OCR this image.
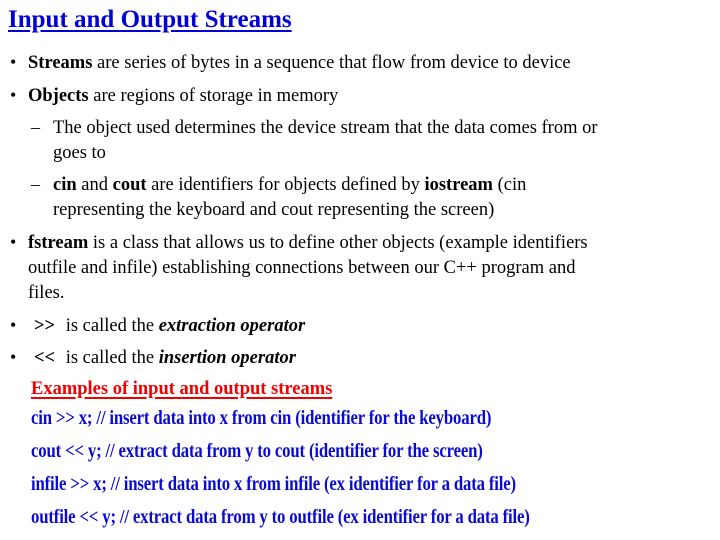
Input and Output Streams
• Streams are series of bytes in a sequence that flow from device to device
• Objects are regions of storage in memory
– The object used determines the device stream that the data comes from or
goes to
– cin and cout are identifiers for objects defined by iostream (cin
representing the keyboard and cout representing the screen)
• fstream is a class that allows us to define other objects (example identifiers
outfile and infile) establishing connections between our C++ program and
files.
• >> is called the extraction operator
• << is called the insertion operator
Examples of input and output streams
cin >> x; // insert data into x from cin (identifier for the keyboard)
cout << y; // extract data from y to cout (identifier for the screen)
infile >> x; // insert data into x from infile (ex identifier for a data file)
outfile << y; // extract data from y to outfile (ex identifier for a data file)
